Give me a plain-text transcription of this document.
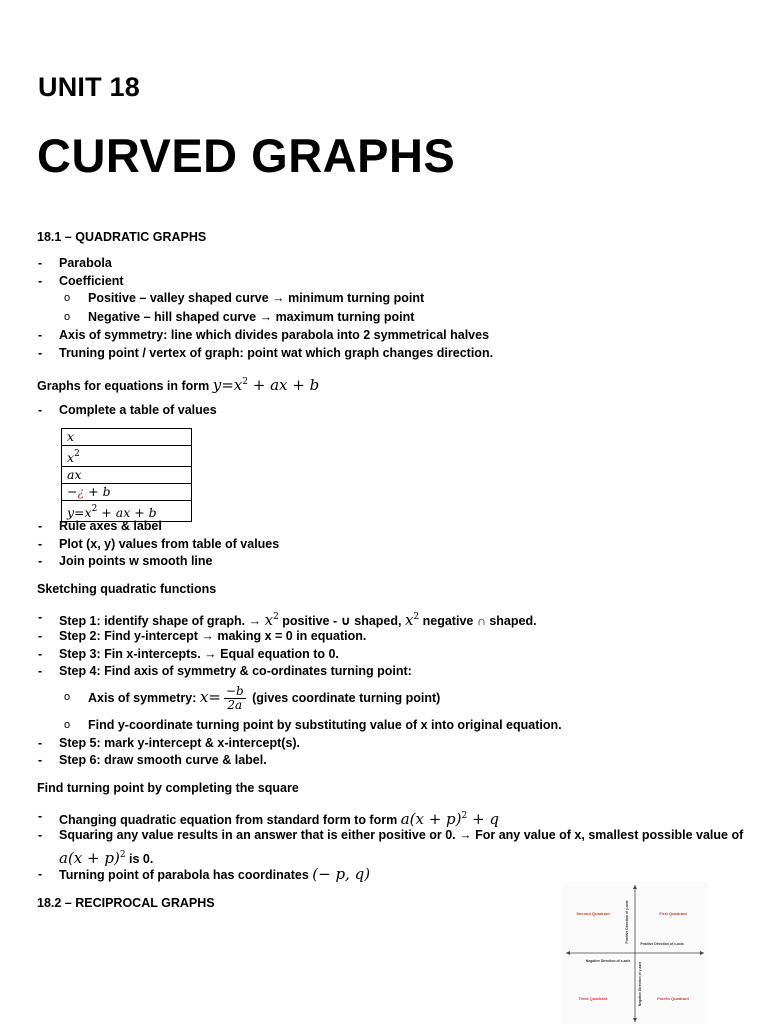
UNIT 18
CURVED GRAPHS
18.1 – QUADRATIC GRAPHS
- Parabola
- Coefficient
o Positive – valley shaped curve → minimum turning point
o Negative – hill shaped curve → maximum turning point
- Axis of symmetry: line which divides parabola into 2 symmetrical halves
- Truning point / vertex of graph: point wat which graph changes direction.
Graphs for equations in form $y=x^2$ + ax + b
- Complete a table of values
x
$x^2$
ax
−¿ + b
$y=x^2$ + ax + b
- Rule axes & label
- Plot (x, y) values from table of values
- Join points w smooth line
Sketching quadratic functions
- Step 1: identify shape of graph. → $x^2$ positive - ∪ shaped, $x^2$ negative ∩ shaped.
- Step 2: Find y-intercept → making x = 0 in equation.
- Step 3: Fin x-intercepts. → Equal equation to 0.
- Step 4: Find axis of symmetry & co-ordinates turning point:
o Axis of symmetry: $x= \frac{-b}{2a}$ (gives coordinate turning point)
o Find y-coordinate turning point by substituting value of x into original equation.
- Step 5: mark y-intercept & x-intercept(s).
- Step 6: draw smooth curve & label.
Find turning point by completing the square
- Changing quadratic equation from standard form to form $a(x + p)^2 + q$
- Squaring any value results in an answer that is either positive or 0. → For any value of x, smallest possible value of
$a(x + p)^2$ is 0.
- Turning point of parabola has coordinates (− p, q)
18.2 – RECIPROCAL GRAPHS
Second Quadrant	First Quadrant
Third Quadrant	Fourth Quadrant
Positive Direction of x-axis
Negative Direction of x-axis
Positive Direction of y-axis
Negative Direction of y-axis
